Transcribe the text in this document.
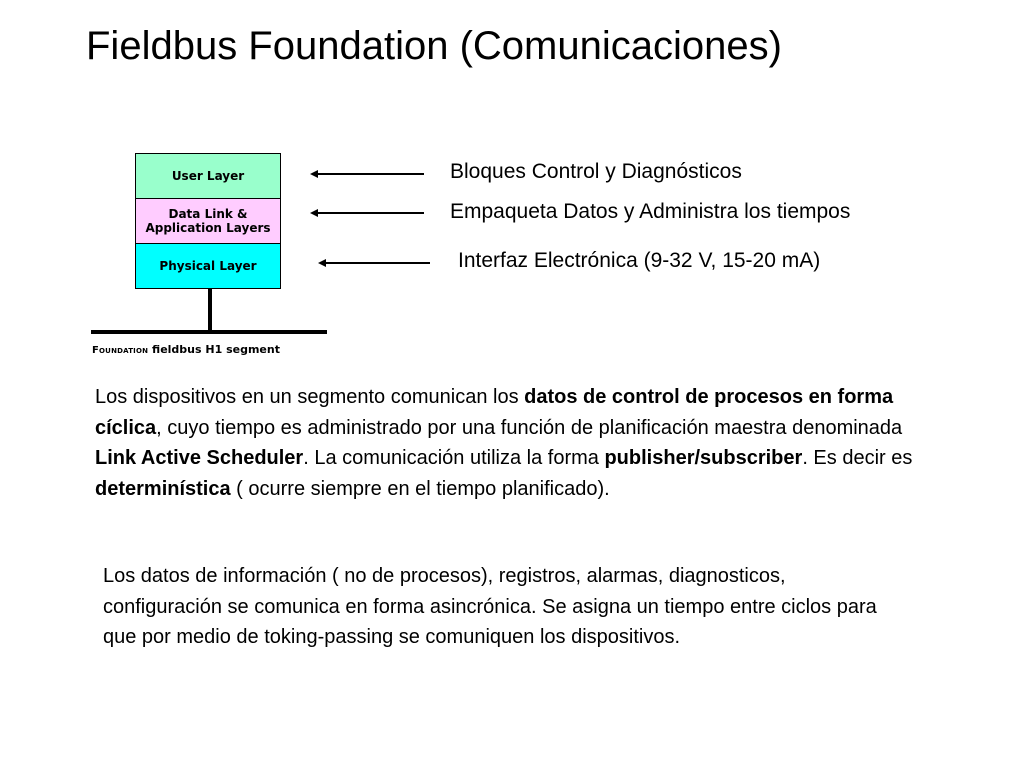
Fieldbus Foundation (Comunicaciones)
User Layer
Data Link &
Application Layers
Physical Layer
Foundation fieldbus H1 segment
Bloques Control y Diagnósticos
Empaqueta Datos y Administra los tiempos
Interfaz Electrónica (9-32 V, 15-20 mA)
Los dispositivos en un segmento comunican los datos de control de procesos en forma cíclica, cuyo tiempo es administrado por una función de planificación maestra denominada Link Active Scheduler. La comunicación utiliza la forma publisher/subscriber. Es decir es determinística ( ocurre siempre en el tiempo planificado).
Los datos de información ( no de procesos), registros, alarmas, diagnosticos, configuración se comunica en forma asincrónica. Se asigna un tiempo entre ciclos para que por medio de toking-passing se comuniquen los dispositivos.
